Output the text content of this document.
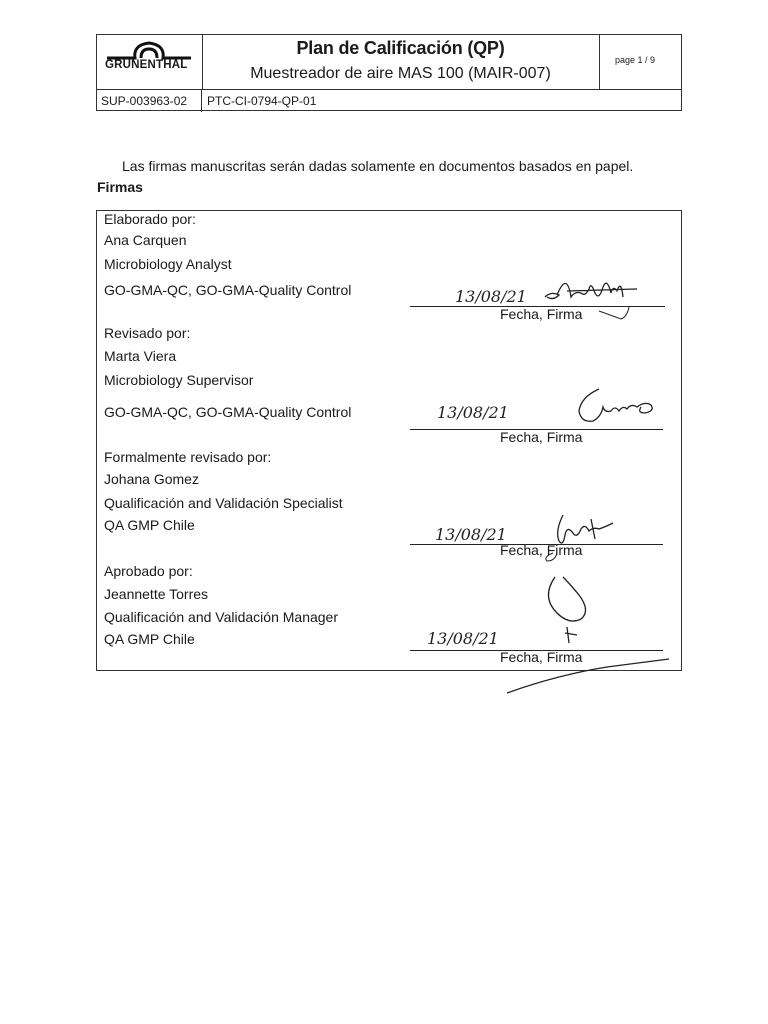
GRUNENTHAL
Plan de Calificación (QP)
Muestreador de aire MAS 100 (MAIR-007)
page 1 / 9
SUP-003963-02	PTC-CI-0794-QP-01
Las firmas manuscritas serán dadas solamente en documentos basados en papel.
Firmas
Elaborado por:
Ana Carquen
Microbiology Analyst
GO-GMA-QC, GO-GMA-Quality Control	13/08/21
Fecha, Firma
Revisado por:
Marta Viera
Microbiology Supervisor
GO-GMA-QC, GO-GMA-Quality Control	13/08/21
Fecha, Firma
Formalmente revisado por:
Johana Gomez
Qualificación and Validación Specialist
QA GMP Chile	13/08/21
Fecha, Firma
Aprobado por:
Jeannette Torres
Qualificación and Validación Manager
QA GMP Chile	13/08/21
Fecha, Firma
